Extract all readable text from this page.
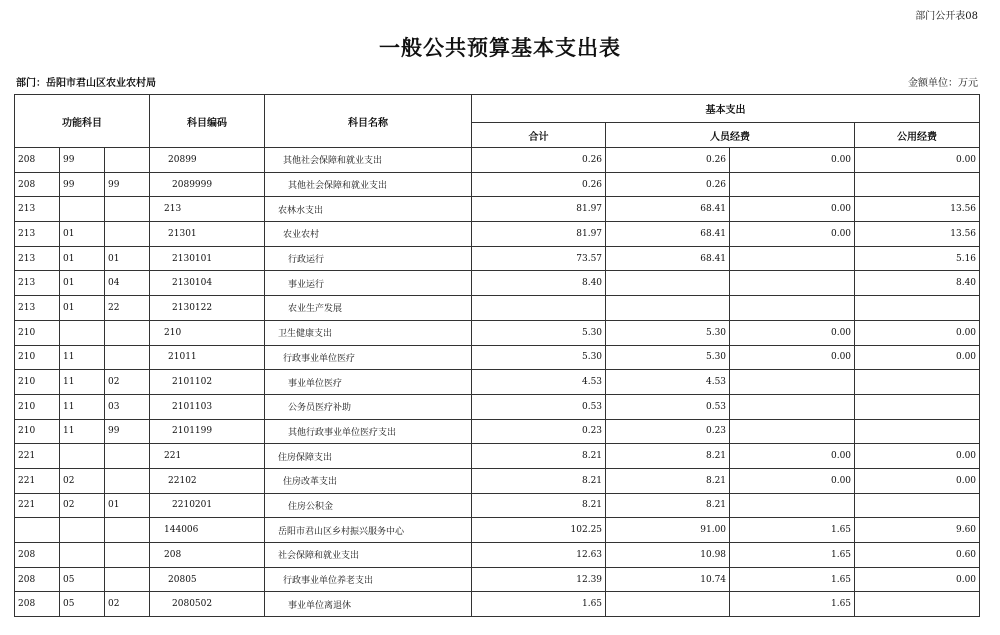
部门公开表08
一般公共预算基本支出表
部门：岳阳市君山区农业农村局	金额单位：万元
功能科目			科目编码	科目名称	基本支出			
					合计	人员经费		公用经费
208	99		20899	其他社会保障和就业支出	0.26	0.26	0.00	0.00
208	99	99	2089999	其他社会保障和就业支出	0.26	0.26		
213			213	农林水支出	81.97	68.41	0.00	13.56
213	01		21301	农业农村	81.97	68.41	0.00	13.56
213	01	01	2130101	行政运行	73.57	68.41		5.16
213	01	04	2130104	事业运行	8.40			8.40
213	01	22	2130122	农业生产发展				
210			210	卫生健康支出	5.30	5.30	0.00	0.00
210	11		21011	行政事业单位医疗	5.30	5.30	0.00	0.00
210	11	02	2101102	事业单位医疗	4.53	4.53		
210	11	03	2101103	公务员医疗补助	0.53	0.53		
210	11	99	2101199	其他行政事业单位医疗支出	0.23	0.23		
221			221	住房保障支出	8.21	8.21	0.00	0.00
221	02		22102	住房改革支出	8.21	8.21	0.00	0.00
221	02	01	2210201	住房公积金	8.21	8.21		
			144006	岳阳市君山区乡村振兴服务中心	102.25	91.00	1.65	9.60
208			208	社会保障和就业支出	12.63	10.98	1.65	0.60
208	05		20805	行政事业单位养老支出	12.39	10.74	1.65	0.00
208	05	02	2080502	事业单位离退休	1.65		1.65	
